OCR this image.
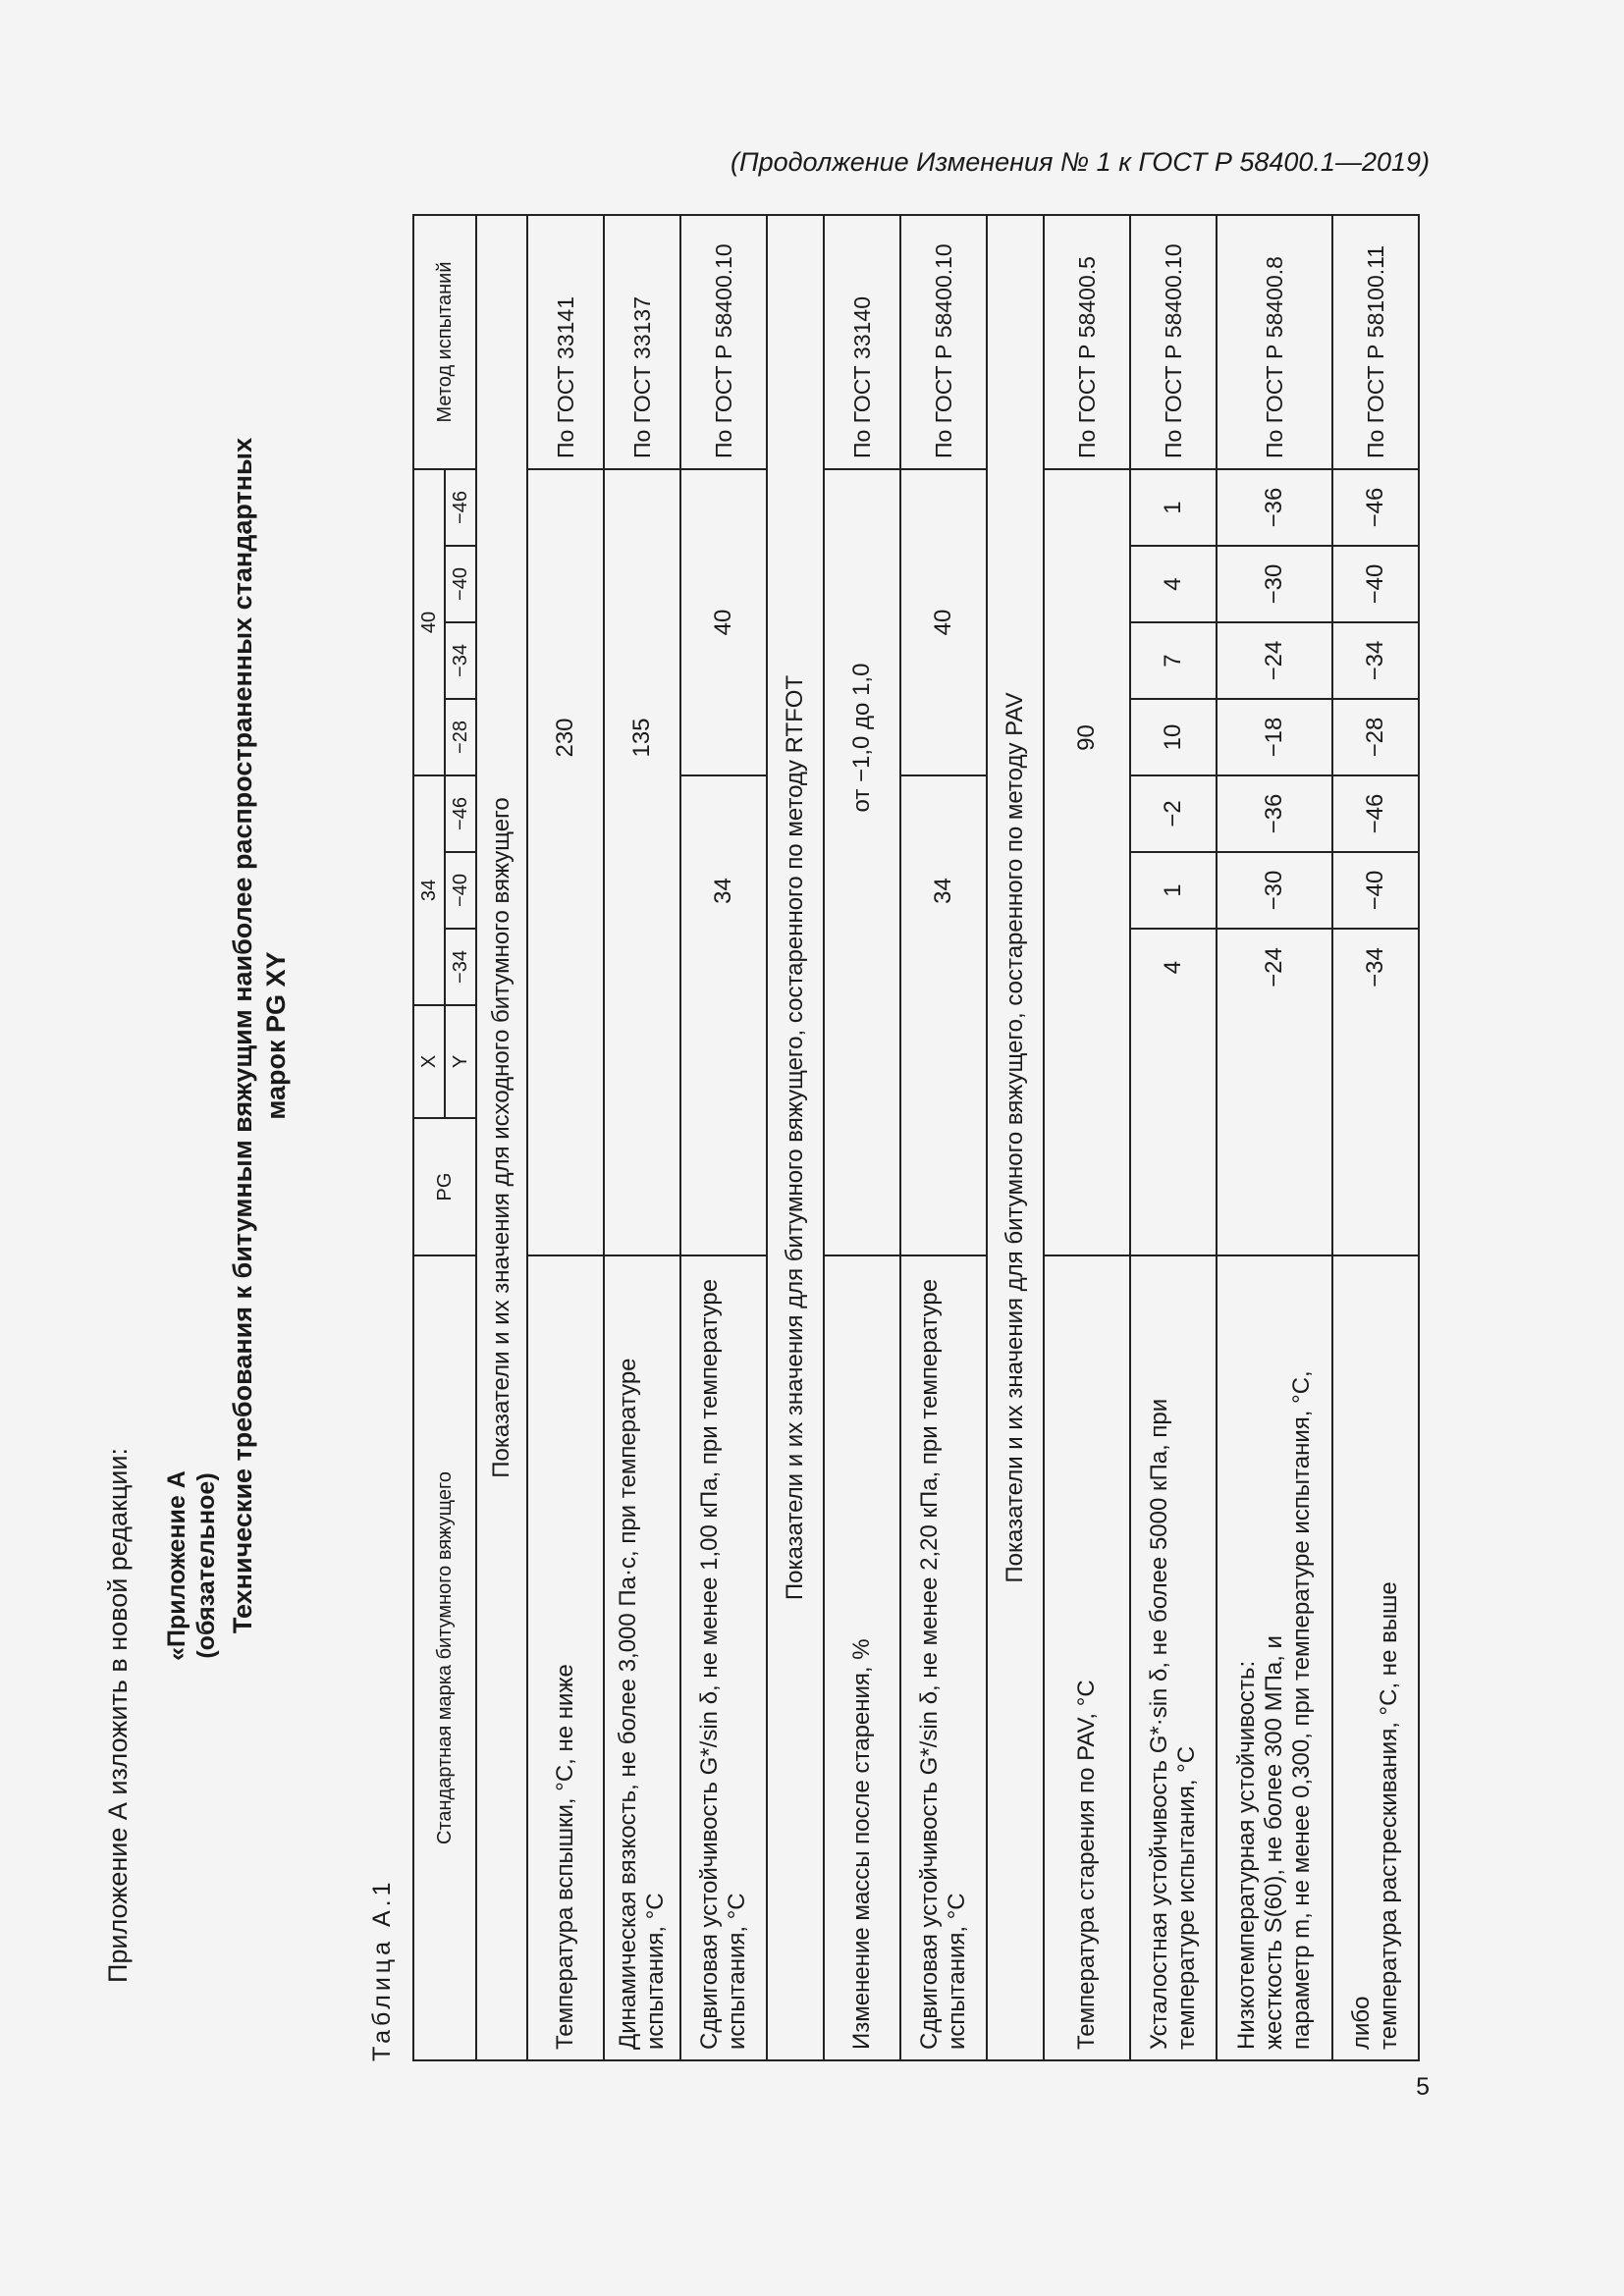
(Продолжение Изменения № 1 к ГОСТ Р 58400.1—2019)
Приложение А изложить в новой редакции: «Приложение А (обязательное) Технические требования к битумным вяжущим наиболее распространенных стандартных марок PG XY
Таблица А.1
Стандартная марка битумного вяжущего	PG	X	34			40				Метод испытаний
		Y	−34	−40	−46	−28	−34	−40	−46	
Показатели и их значения для исходного битумного вяжущего										
Температура вспышки, °С, не ниже			230							По ГОСТ 33141
Динамическая вязкость, не более 3,000 Па·с, при температуре испытания, °С			135							По ГОСТ 33137
Сдвиговая устойчивость G*/sin δ, не менее 1,00 кПа, при температуре испытания, °С			34			40				По ГОСТ Р 58400.10
Показатели и их значения для битумного вяжущего, состаренного по методу RTFOT										
Изменение массы после старения, %			от −1,0 до 1,0							По ГОСТ 33140
Сдвиговая устойчивость G*/sin δ, не менее 2,20 кПа, при температуре испытания, °С			34			40				По ГОСТ Р 58400.10
Показатели и их значения для битумного вяжущего, состаренного по методу PAV										
Температура старения по PAV, °С			90							По ГОСТ Р 58400.5
Усталостная устойчивость G*·sin δ, не более 5000 кПа, при температуре испытания, °С			4	1	−2	10	7	4	1	По ГОСТ Р 58400.10

Низкотемпературная устойчивость: жесткость S(60), не более 300 МПа, и параметр m, не менее 0,300, при температуре испытания, °С,			−24	−30	−36	−18	−24	−30	−36	По ГОСТ Р 58400.8

либо температура растрескивания, °С, не выше			−34	−40	−46	−28	−34	−40	−46	По ГОСТ Р 58100.11
5
